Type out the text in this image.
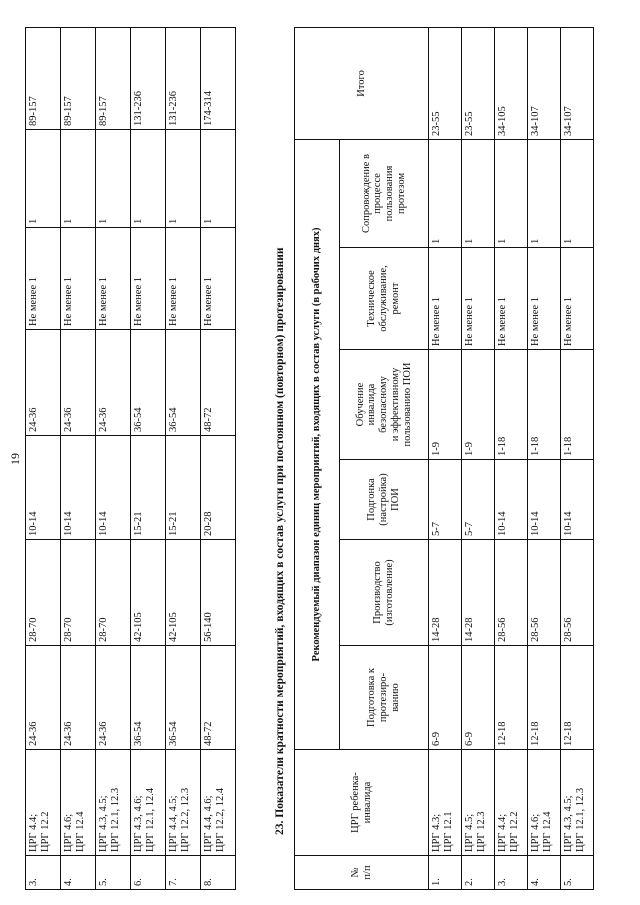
19
3.	ЦРГ 4.4;
ЦРГ 12.2	24-36	28-70	10-14	24-36	Не менее 1	1	89-157
4.	ЦРГ 4.6;
ЦРГ 12.4	24-36	28-70	10-14	24-36	Не менее 1	1	89-157
5.	ЦРГ 4.3, 4.5;
ЦРГ 12.1, 12.3	24-36	28-70	10-14	24-36	Не менее 1	1	89-157
6.	ЦРГ 4.3, 4.6;
ЦРГ 12.1, 12.4	36-54	42-105	15-21	36-54	Не менее 1	1	131-236
7.	ЦРГ 4.4, 4.5;
ЦРГ 12.2, 12.3	36-54	42-105	15-21	36-54	Не менее 1	1	131-236
8.	ЦРГ 4.4, 4.6;
ЦРГ 12.2, 12.4	48-72	56-140	20-28	48-72	Не менее 1	1	174-314
23. Показатели кратности мероприятий, входящих в состав услуги при постоянном (повторном) протезировании
№
п/п	ЦРГ ребенка-
инвалида	Рекомендуемый диапазон единиц мероприятий, входящих в состав услуги (в рабочих днях)						Итого
		Подготовка к
протезиро-
ванию	Производство
(изготовление)	Подгонка
(настройка)
ПОИ	Обучение
инвалида
безопасному
и эффективному
пользованию ПОИ	Техническое
обслуживание,
ремонт	Сопровождение в
процессе
пользования
протезом	
1.	ЦРГ 4.3;
ЦРГ 12.1	6-9	14-28	5-7	1-9	Не менее 1	1	23-55
2.	ЦРГ 4.5;
ЦРГ 12.3	6-9	14-28	5-7	1-9	Не менее 1	1	23-55
3.	ЦРГ 4.4;
ЦРГ 12.2	12-18	28-56	10-14	1-18	Не менее 1	1	34-105
4.	ЦРГ 4.6;
ЦРГ 12.4	12-18	28-56	10-14	1-18	Не менее 1	1	34-107
5.	ЦРГ 4.3, 4.5;
ЦРГ 12.1, 12.3	12-18	28-56	10-14	1-18	Не менее 1	1	34-107
